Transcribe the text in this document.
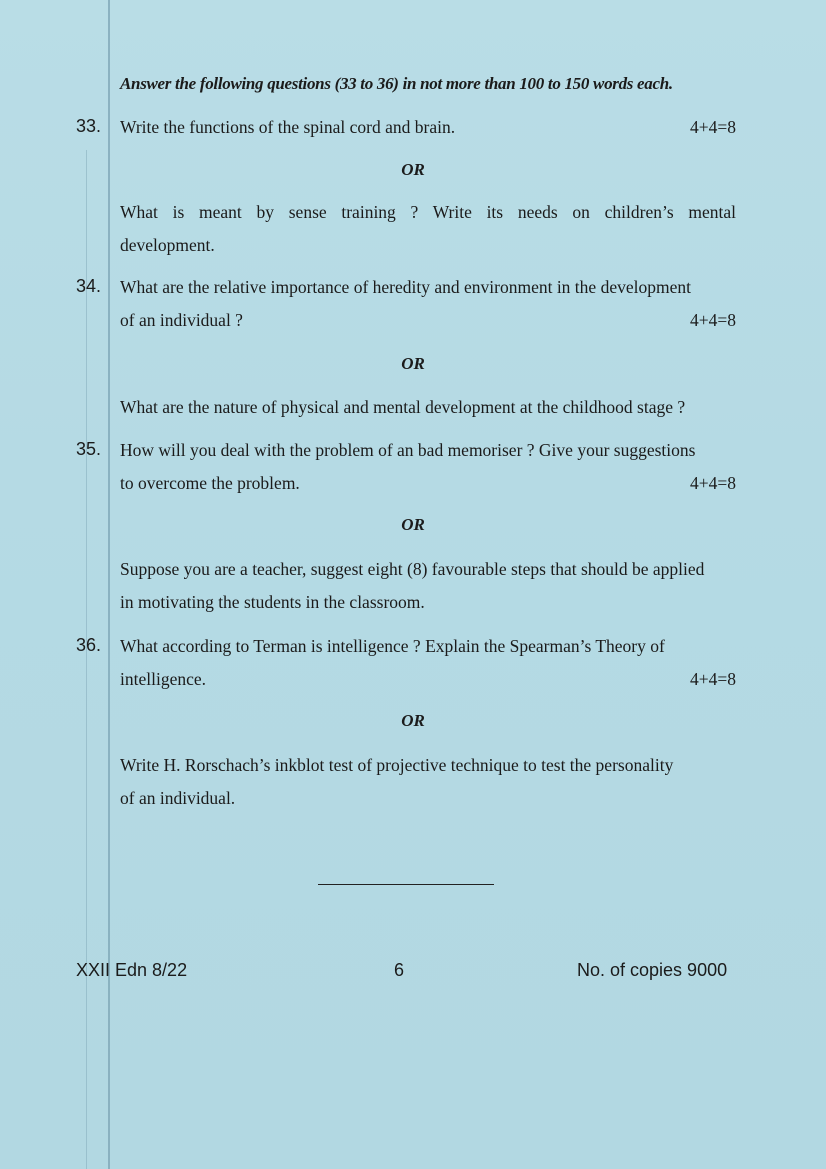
Answer the following questions (33 to 36) in not more than 100 to 150 words each.
33. Write the functions of the spinal cord and brain.	4+4=8
OR
What is meant by sense training ? Write its needs on children’s mental
development.
34. What are the relative importance of heredity and environment in the development
of an individual ?	4+4=8
OR
What are the nature of physical and mental development at the childhood stage ?
35. How will you deal with the problem of an bad memoriser ? Give your suggestions
to overcome the problem.	4+4=8
OR
Suppose you are a teacher, suggest eight (8) favourable steps that should be applied
in motivating the students in the classroom.
36. What according to Terman is intelligence ? Explain the Spearman’s Theory of
intelligence.	4+4=8
OR
Write H. Rorschach’s inkblot test of projective technique to test the personality
of an individual.
XXII Edn 8/22	6	No. of copies 9000
